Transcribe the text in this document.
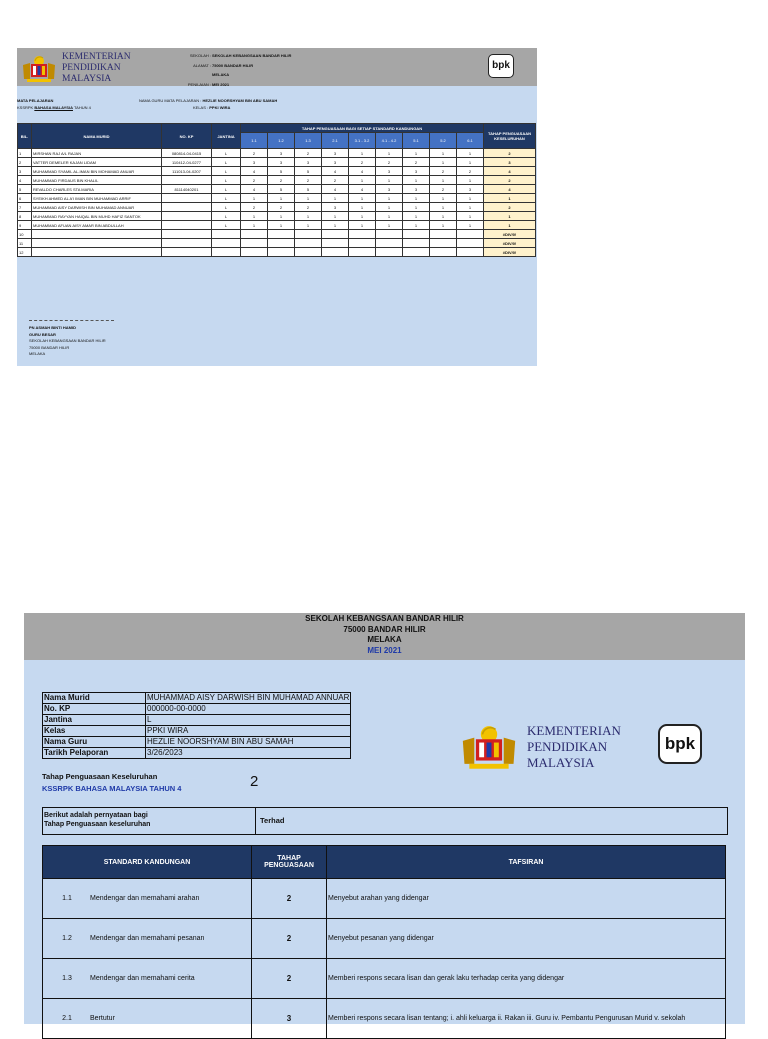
KEMENTERIAN
PENDIDIKAN
MALAYSIA
SEKOLAH : SEKOLAH KEBANGSAAN BANDAR HILIR
ALAMAT : 75000 BANDAR HILIR
MELAKA
PENILAIAN : MEI 2021
bpk
MATA PELAJARAN
KSSRPK BAHASA MALAYSIA TAHUN 4
NAMA GURU MATA PELAJARAN : HEZLIE NOORSHYAM BIN ABU SAMAH
KELAS : PPKI WIRA
BIL.	NAMA MURID	NO. KP	JANTINA	TAHAP PENGUASAAN BAGI SETIAP STANDARD KANDUNGAN									TAHAP PENGUASAAN KESELURUHAN
				1.1	1.2	1.3	2.1	3.1 - 3.2	4.1 - 4.2	5.1	5.2	6.1	
1	MIRSHAN RAJ A/L RAJAN	080814-04-0415	L	2	3	2	3	1	1	1	1	1	2
2	VATTER DEMELER KAJAN LIDAM	110412-04-0277	L	3	3	3	3	2	2	2	1	1	3
3	MUHAMMAD SYAMIL AL-IMAN BIN MOHAMAD ANUAR	111013-04-0207	L	4	5	5	4	4	3	3	2	2	4
4	MUHAMMAD FIRDAUS BIN KHALIL		L	2	2	2	2	1	1	1	1	1	2
5	REVALDO CHARLES STA MARIA	81114040201	L	4	5	5	4	4	3	3	2	3	4
6	SYEIKH AHMED AL A'I IMAN BIN MUHAMMAD ARRIF		L	1	1	1	1	1	1	1	1	1	1
7	MUHAMMAD AISY DARWISH BIN MUHAMAD ANNUAR		L	2	2	2	3	1	1	1	1	1	2
8	MUHAMMAD RAYYAN HAIQAL BIN MUHD HAFIZ SANTOK		L	1	1	1	1	1	1	1	1	1	1
9	MUHAMMAD AFUAN AISY AMAR BIN ABDULLAH		L	1	1	1	1	1	1	1	1	1	1
10													#DIV/0!
11													#DIV/0!
12													#DIV/0!
PN ASMAH BINTI HAMID
GURU BESAR
SEKOLAH KEBANGSAAN BANDAR HILIR
75000 BANDAR HILIR
MELAKA
SEKOLAH KEBANGSAAN BANDAR HILIR
75000 BANDAR HILIR
MELAKA
MEI 2021
Nama Murid	MUHAMMAD AISY DARWISH BIN MUHAMAD ANNUAR
No. KP	000000-00-0000
Jantina	L
Kelas	PPKI WIRA
Nama Guru	HEZLIE NOORSHYAM BIN ABU SAMAH
Tarikh Pelaporan	3/26/2023
KEMENTERIAN
PENDIDIKAN
MALAYSIA
bpk
Tahap Penguasaan Keseluruhan	2
KSSRPK BAHASA MALAYSIA TAHUN 4
Berikut adalah pernyataan bagi
Tahap Penguasaan keseluruhan	Terhad
STANDARD KANDUNGAN	TAHAP PENGUASAAN	TAFSIRAN
1.1 Mendengar dan memahami arahan	2	Menyebut arahan yang didengar
1.2 Mendengar dan memahami pesanan	2	Menyebut pesanan yang didengar
1.3 Mendengar dan memahami cerita	2	Memberi respons secara lisan dan gerak laku terhadap cerita yang didengar
2.1 Bertutur	3	Memberi respons secara lisan tentang; i. ahli keluarga ii. Rakan iii. Guru iv. Pembantu Pengurusan Murid v. sekolah
